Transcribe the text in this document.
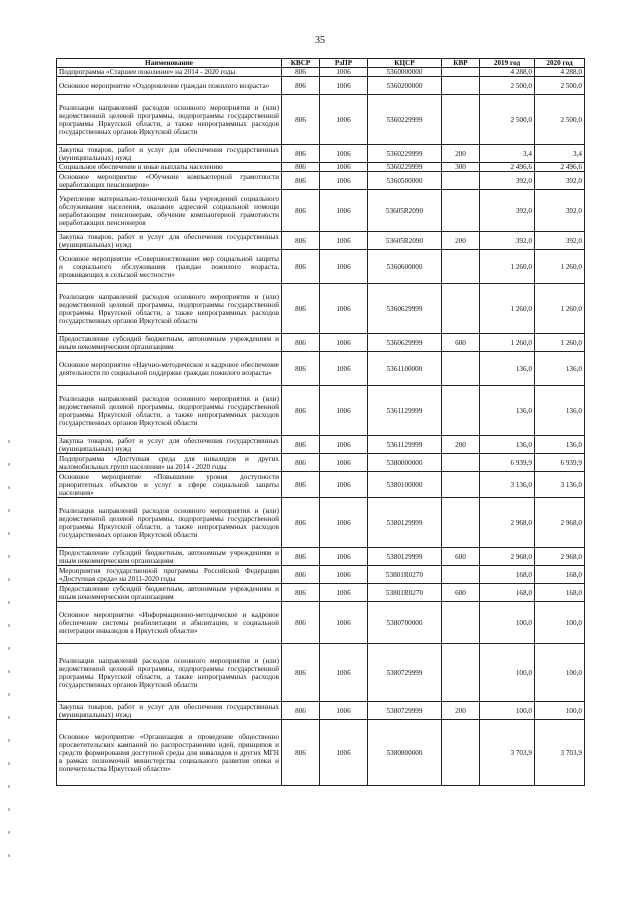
35
Наименование	КВСР	РзПР	КЦСР	КВР	2019 год	2020 год
Подпрограмма «Старшее поколение» на 2014 - 2020 годы	806	1006	5360000000		4 288,0	4 288,0
Основное мероприятие «Оздоровление граждан пожилого возраста»	806	1006	5360200000		2 500,0	2 500,0
Реализация направлений расходов основного мероприятия и (или) ведомственной целевой программы, подпрограммы государственной программы Иркутской области, а также непрограммных расходов государственных органов Иркутской области	806	1006	5360229999		2 500,0	2 500,0
Закупка товаров, работ и услуг для обеспечения государственных (муниципальных) нужд	806	1006	5360229999	200	3,4	3,4
Социальное обеспечение и иные выплаты населению	806	1006	5360229999	300	2 496,6	2 496,6
Основное мероприятие «Обучение компьютерной грамотности неработающих пенсионеров»	806	1006	5360500000		392,0	392,0
Укрепление материально-технической базы учреждений социального обслуживания населения, оказание адресной социальной помощи неработающим пенсионерам, обучение компьютерной грамотности неработающих пенсионеров	806	1006	53605R2090		392,0	392,0
Закупка товаров, работ и услуг для обеспечения государственных (муниципальных) нужд	806	1006	53605R2090	200	392,0	392,0
Основное мероприятие «Совершенствование мер социальной защиты и социального обслуживания граждан пожилого возраста, проживающих в сельской местности»	806	1006	5360600000		1 260,0	1 260,0
Реализация направлений расходов основного мероприятия и (или) ведомственной целевой программы, подпрограммы государственной программы Иркутской области, а также непрограммных расходов государственных органов Иркутской области	806	1006	5360629999		1 260,0	1 260,0
Предоставление субсидий бюджетным, автономным учреждениям и иным некоммерческим организациям	806	1006	5360629999	600	1 260,0	1 260,0
Основное мероприятие «Научно-методическое и кадровое обеспечение деятельности по социальной поддержке граждан пожилого возраста»	806	1006	5361100000		136,0	136,0
Реализация направлений расходов основного мероприятия и (или) ведомственной целевой программы, подпрограммы государственной программы Иркутской области, а также непрограммных расходов государственных органов Иркутской области	806	1006	5361129999		136,0	136,0
Закупка товаров, работ и услуг для обеспечения государственных (муниципальных) нужд	806	1006	5361129999	200	136,0	136,0
Подпрограмма «Доступная среда для инвалидов и других маломобильных групп населения» на 2014 - 2020 годы	806	1006	5380000000		6 939,9	6 939,9
Основное мероприятие «Повышение уровня доступности приоритетных объектов и услуг в сфере социальной защиты населения»	806	1006	5380100000		3 136,0	3 136,0
Реализация направлений расходов основного мероприятия и (или) ведомственной целевой программы, подпрограммы государственной программы Иркутской области, а также непрограммных расходов государственных органов Иркутской области	806	1006	5380129999		2 968,0	2 968,0
Предоставление субсидий бюджетным, автономным учреждениям и иным некоммерческим организациям	806	1006	5380129999	600	2 968,0	2 968,0
Мероприятия государственной программы Российской Федерации «Доступная среда» на 2011-2020 годы	806	1006	53801R0270		168,0	168,0
Предоставление субсидий бюджетным, автономным учреждениям и иным некоммерческим организациям	806	1006	53801R0270	600	168,0	168,0
Основное мероприятие «Информационно-методическое и кадровое обеспечение системы реабилитации и абилитации, и социальной интеграции инвалидов в Иркутской области»	806	1006	5380700000		100,0	100,0
Реализация направлений расходов основного мероприятия и (или) ведомственной целевой программы, подпрограммы государственной программы Иркутской области, а также непрограммных расходов государственных органов Иркутской области	806	1006	5380729999		100,0	100,0
Закупка товаров, работ и услуг для обеспечения государственных (муниципальных) нужд	806	1006	5380729999	200	100,0	100,0
Основное мероприятие «Организация и проведение общественно просветительских кампаний по распространению идей, принципов и средств формирования доступной среды для инвалидов и других МГН в рамках полномочий министерства социального развития опеки и попечительства Иркутской области»	806	1006	5380800000		3 703,9	3 703,9
